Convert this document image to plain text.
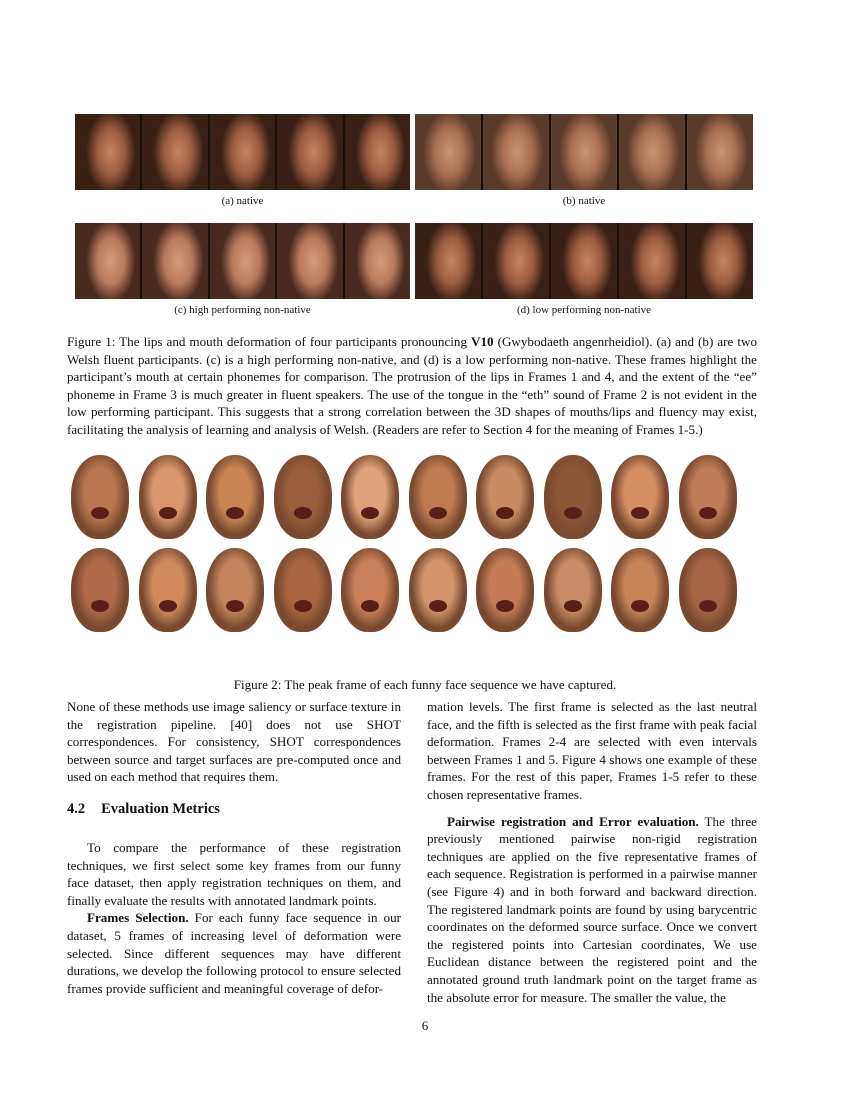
(a) native	(b) native
(c) high performing non-native	(d) low performing non-native
Figure 1: The lips and mouth deformation of four participants pronouncing V10 (Gwybodaeth angenrheidiol). (a) and (b) are two Welsh fluent participants. (c) is a high performing non-native, and (d) is a low performing non-native. These frames highlight the participant’s mouth at certain phonemes for comparison. The protrusion of the lips in Frames 1 and 4, and the extent of the “ee” phoneme in Frame 3 is much greater in fluent speakers. The use of the tongue in the “eth” sound of Frame 2 is not evident in the low performing participant. This suggests that a strong correlation between the 3D shapes of mouths/lips and fluency may exist, facilitating the analysis of learning and analysis of Welsh. (Readers are refer to Section 4 for the meaning of Frames 1-5.)
Figure 2: The peak frame of each funny face sequence we have captured.

None of these methods use image saliency or surface texture in the registration pipeline. [40] does not use SHOT correspondences. For consistency, SHOT correspondences between source and target surfaces are pre-computed once and used on each method that requires them.

4.2 Evaluation Metrics

To compare the performance of these registration techniques, we first select some key frames from our funny face dataset, then apply registration techniques on them, and finally evaluate the results with annotated landmark points.

Frames Selection. For each funny face sequence in our dataset, 5 frames of increasing level of deformation were selected. Since different sequences may have different durations, we develop the following protocol to ensure selected frames provide sufficient and meaningful coverage of defor-

mation levels. The first frame is selected as the last neutral face, and the fifth is selected as the first frame with peak facial deformation. Frames 2-4 are selected with even intervals between Frames 1 and 5. Figure 4 shows one example of these frames. For the rest of this paper, Frames 1-5 refer to these chosen representative frames.

Pairwise registration and Error evaluation. The three previously mentioned pairwise non-rigid registration techniques are applied on the five representative frames of each sequence. Registration is performed in a pairwise manner (see Figure 4) and in both forward and backward direction. The registered landmark points are found by using barycentric coordinates on the deformed source surface. Once we convert the registered points into Cartesian coordinates, We use Euclidean distance between the registered point and the annotated ground truth landmark point on the target frame as the absolute error for measure. The smaller the value, the

6
